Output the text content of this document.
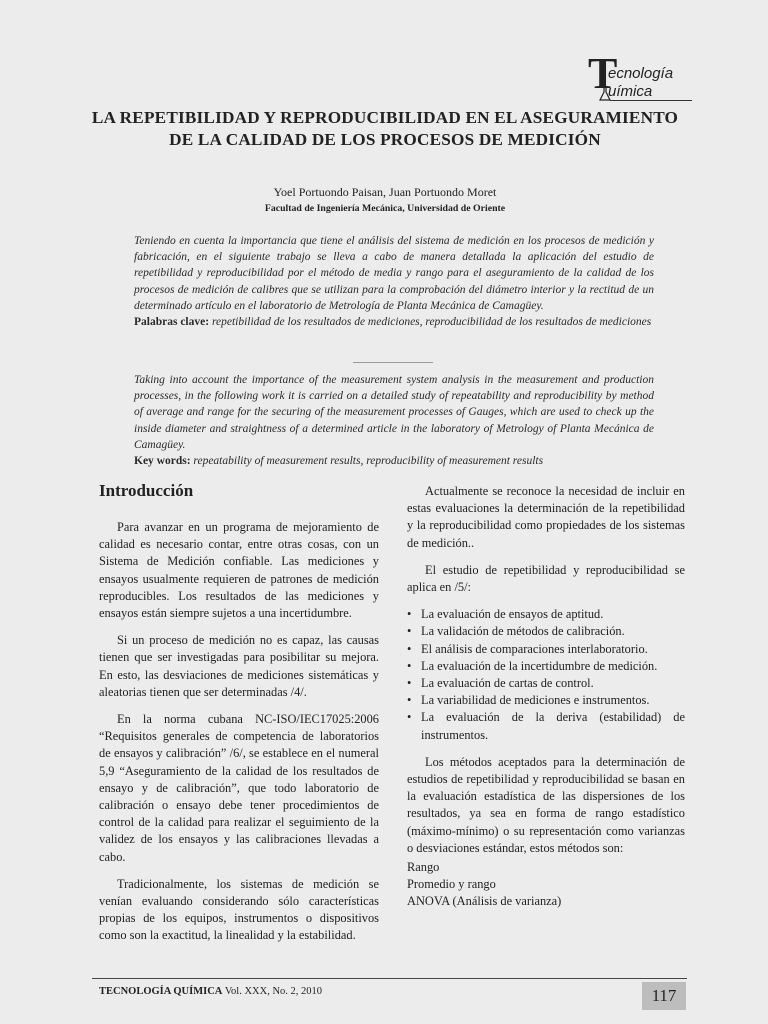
T
ecnología
uímica
LA REPETIBILIDAD Y REPRODUCIBILIDAD EN EL ASEGURAMIENTO DE LA CALIDAD DE LOS PROCESOS DE MEDICIÓN
Yoel Portuondo Paisan, Juan Portuondo Moret
Facultad de Ingeniería Mecánica, Universidad de Oriente
Teniendo en cuenta la importancia que tiene el análisis del sistema de medición en los procesos de medición y fabricación, en el siguiente trabajo se lleva a cabo de manera detallada la aplicación del estudio de repetibilidad y reproducibilidad por el método de media y rango para el aseguramiento de la calidad de los procesos de medición de calibres que se utilizan para la comprobación del diámetro interior y la rectitud de un determinado artículo en el laboratorio de Metrología de Planta Mecánica de Camagüey.
Palabras clave: repetibilidad de los resultados de mediciones, reproducibilidad de los resultados de mediciones
Taking into account the importance of the measurement system analysis in the measurement and production processes, in the following work it is carried on a detailed study of repeatability and reproducibility by method of average and range for the securing of the measurement processes of Gauges, which are used to check up the inside diameter and straightness of a determined article in the laboratory of Metrology of Planta Mecánica de Camagüey.
Key words: repeatability of measurement results, reproducibility of measurement results
Introducción

Para avanzar en un programa de mejoramiento de calidad es necesario contar, entre otras cosas, con un Sistema de Medición confiable. Las mediciones y ensayos usualmente requieren de patrones de medición reproducibles. Los resultados de las mediciones y ensayos están siempre sujetos a una incertidumbre.

Si un proceso de medición no es capaz, las causas tienen que ser investigadas para posibilitar su mejora. En esto, las desviaciones de mediciones sistemáticas y aleatorias tienen que ser determinadas /4/.

En la norma cubana NC-ISO/IEC17025:2006 “Requisitos generales de competencia de laboratorios de ensayos y calibración” /6/, se establece en el numeral 5,9 “Aseguramiento de la calidad de los resultados de ensayo y de calibración”, que todo laboratorio de calibración o ensayo debe tener procedimientos de control de la calidad para realizar el seguimiento de la validez de los ensayos y las calibraciones llevadas a cabo.

Tradicionalmente, los sistemas de medición se venían evaluando considerando sólo características propias de los equipos, instrumentos o dispositivos como son la exactitud, la linealidad y la estabilidad.

Actualmente se reconoce la necesidad de incluir en estas evaluaciones la determinación de la repetibilidad y la reproducibilidad como propiedades de los sistemas de medición..

El estudio de repetibilidad y reproducibilidad se aplica en /5/:

• La evaluación de ensayos de aptitud.
• La validación de métodos de calibración.
• El análisis de comparaciones interlaboratorio.
• La evaluación de la incertidumbre de medición.
• La evaluación de cartas de control.
• La variabilidad de mediciones e instrumentos.
• La evaluación de la deriva (estabilidad) de instrumentos.

Los métodos aceptados para la determinación de estudios de repetibilidad y reproducibilidad se basan en la evaluación estadística de las dispersiones de los resultados, ya sea en forma de rango estadístico (máximo-mínimo) o su representación como varianzas o desviaciones estándar, estos métodos son:

Rango
Promedio y rango
ANOVA (Análisis de varianza)
TECNOLOGÍA QUÍMICA Vol. XXX, No. 2, 2010	117
